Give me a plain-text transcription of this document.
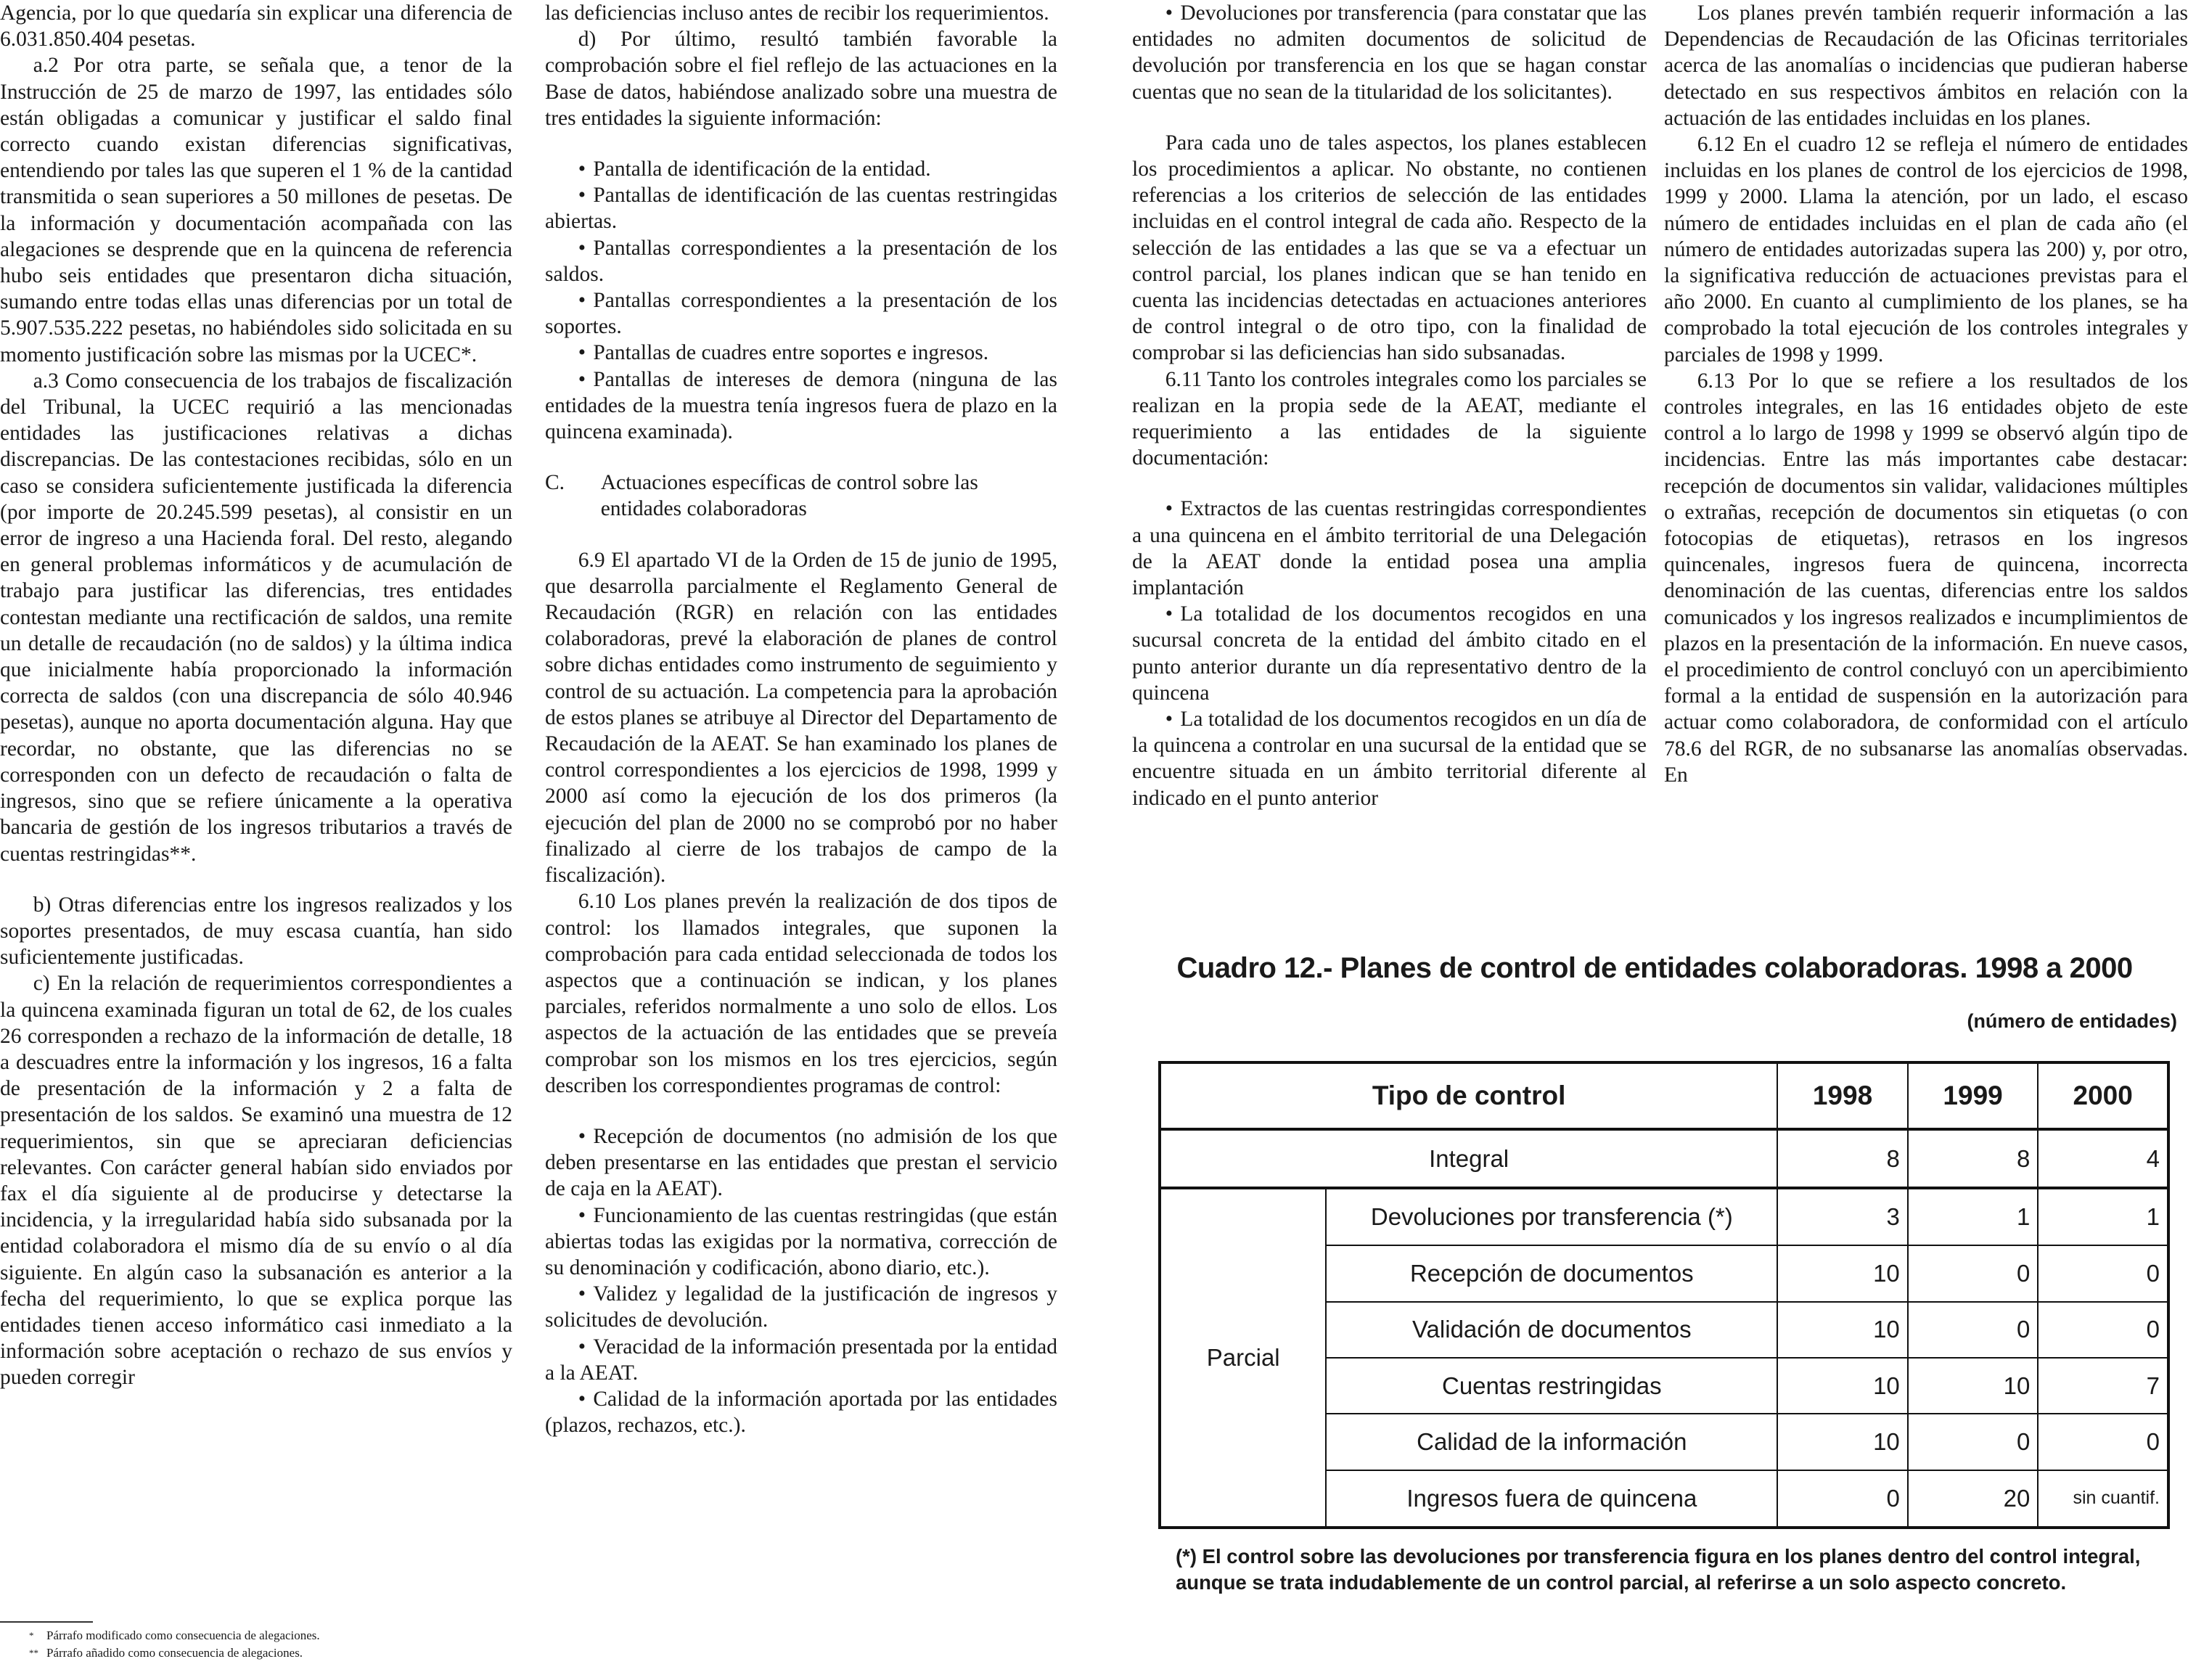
Agencia, por lo que quedaría sin explicar una diferencia de 6.031.850.404 pesetas.

a.2 Por otra parte, se señala que, a tenor de la Instrucción de 25 de marzo de 1997, las entidades sólo están obligadas a comunicar y justificar el saldo final correcto cuando existan diferencias significativas, entendiendo por tales las que superen el 1 % de la cantidad transmitida o sean superiores a 50 millones de pesetas. De la información y documentación acompañada con las alegaciones se desprende que en la quincena de referencia hubo seis entidades que presentaron dicha situación, sumando entre todas ellas unas diferencias por un total de 5.907.535.222 pesetas, no habiéndoles sido solicitada en su momento justificación sobre las mismas por la UCEC*.

a.3 Como consecuencia de los trabajos de fiscalización del Tribunal, la UCEC requirió a las mencionadas entidades las justificaciones relativas a dichas discrepancias. De las contestaciones recibidas, sólo en un caso se considera suficientemente justificada la diferencia (por importe de 20.245.599 pesetas), al consistir en un error de ingreso a una Hacienda foral. Del resto, alegando en general problemas informáticos y de acumulación de trabajo para justificar las diferencias, tres entidades contestan mediante una rectificación de saldos, una remite un detalle de recaudación (no de saldos) y la última indica que inicialmente había proporcionado la información correcta de saldos (con una discrepancia de sólo 40.946 pesetas), aunque no aporta documentación alguna. Hay que recordar, no obstante, que las diferencias no se corresponden con un defecto de recaudación o falta de ingresos, sino que se refiere únicamente a la operativa bancaria de gestión de los ingresos tributarios a través de cuentas restringidas**.

b) Otras diferencias entre los ingresos realizados y los soportes presentados, de muy escasa cuantía, han sido suficientemente justificadas.

c) En la relación de requerimientos correspondientes a la quincena examinada figuran un total de 62, de los cuales 26 corresponden a rechazo de la información de detalle, 18 a descuadres entre la información y los ingresos, 16 a falta de presentación de la información y 2 a falta de presentación de los saldos. Se examinó una muestra de 12 requerimientos, sin que se apreciaran deficiencias relevantes. Con carácter general habían sido enviados por fax el día siguiente al de producirse y detectarse la incidencia, y la irregularidad había sido subsanada por la entidad colaboradora el mismo día de su envío o al día siguiente. En algún caso la subsanación es anterior a la fecha del requerimiento, lo que se explica porque las entidades tienen acceso informático casi inmediato a la información sobre aceptación o rechazo de sus envíos y pueden corregir

* Párrafo modificado como consecuencia de alegaciones.
** Párrafo añadido como consecuencia de alegaciones.

las deficiencias incluso antes de recibir los requerimientos.

d) Por último, resultó también favorable la comprobación sobre el fiel reflejo de las actuaciones en la Base de datos, habiéndose analizado sobre una muestra de tres entidades la siguiente información:

• Pantalla de identificación de la entidad.

• Pantallas de identificación de las cuentas restringidas abiertas.

• Pantallas correspondientes a la presentación de los saldos.

• Pantallas correspondientes a la presentación de los soportes.

• Pantallas de cuadres entre soportes e ingresos.

• Pantallas de intereses de demora (ninguna de las entidades de la muestra tenía ingresos fuera de plazo en la quincena examinada).

C. Actuaciones específicas de control sobre las entidades colaboradoras

6.9 El apartado VI de la Orden de 15 de junio de 1995, que desarrolla parcialmente el Reglamento General de Recaudación (RGR) en relación con las entidades colaboradoras, prevé la elaboración de planes de control sobre dichas entidades como instrumento de seguimiento y control de su actuación. La competencia para la aprobación de estos planes se atribuye al Director del Departamento de Recaudación de la AEAT. Se han examinado los planes de control correspondientes a los ejercicios de 1998, 1999 y 2000 así como la ejecución de los dos primeros (la ejecución del plan de 2000 no se comprobó por no haber finalizado al cierre de los trabajos de campo de la fiscalización).

6.10 Los planes prevén la realización de dos tipos de control: los llamados integrales, que suponen la comprobación para cada entidad seleccionada de todos los aspectos que a continuación se indican, y los planes parciales, referidos normalmente a uno solo de ellos. Los aspectos de la actuación de las entidades que se preveía comprobar son los mismos en los tres ejercicios, según describen los correspondientes programas de control:

• Recepción de documentos (no admisión de los que deben presentarse en las entidades que prestan el servicio de caja en la AEAT).

• Funcionamiento de las cuentas restringidas (que están abiertas todas las exigidas por la normativa, corrección de su denominación y codificación, abono diario, etc.).

• Validez y legalidad de la justificación de ingresos y solicitudes de devolución.

• Veracidad de la información presentada por la entidad a la AEAT.

• Calidad de la información aportada por las entidades (plazos, rechazos, etc.).

• Devoluciones por transferencia (para constatar que las entidades no admiten documentos de solicitud de devolución por transferencia en los que se hagan constar cuentas que no sean de la titularidad de los solicitantes).

Para cada uno de tales aspectos, los planes establecen los procedimientos a aplicar. No obstante, no contienen referencias a los criterios de selección de las entidades incluidas en el control integral de cada año. Respecto de la selección de las entidades a las que se va a efectuar un control parcial, los planes indican que se han tenido en cuenta las incidencias detectadas en actuaciones anteriores de control integral o de otro tipo, con la finalidad de comprobar si las deficiencias han sido subsanadas.

6.11 Tanto los controles integrales como los parciales se realizan en la propia sede de la AEAT, mediante el requerimiento a las entidades de la siguiente documentación:

• Extractos de las cuentas restringidas correspondientes a una quincena en el ámbito territorial de una Delegación de la AEAT donde la entidad posea una amplia implantación

• La totalidad de los documentos recogidos en una sucursal concreta de la entidad del ámbito citado en el punto anterior durante un día representativo dentro de la quincena

• La totalidad de los documentos recogidos en un día de la quincena a controlar en una sucursal de la entidad que se encuentre situada en un ámbito territorial diferente al indicado en el punto anterior

Los planes prevén también requerir información a las Dependencias de Recaudación de las Oficinas territoriales acerca de las anomalías o incidencias que pudieran haberse detectado en sus respectivos ámbitos en relación con la actuación de las entidades incluidas en los planes.

6.12 En el cuadro 12 se refleja el número de entidades incluidas en los planes de control de los ejercicios de 1998, 1999 y 2000. Llama la atención, por un lado, el escaso número de entidades incluidas en el plan de cada año (el número de entidades autorizadas supera las 200) y, por otro, la significativa reducción de actuaciones previstas para el año 2000. En cuanto al cumplimiento de los planes, se ha comprobado la total ejecución de los controles integrales y parciales de 1998 y 1999.

6.13 Por lo que se refiere a los resultados de los controles integrales, en las 16 entidades objeto de este control a lo largo de 1998 y 1999 se observó algún tipo de incidencias. Entre las más importantes cabe destacar: recepción de documentos sin validar, validaciones múltiples o extrañas, recepción de documentos sin etiquetas (o con fotocopias de etiquetas), retrasos en los ingresos quincenales, ingresos fuera de quincena, incorrecta denominación de las cuentas, diferencias entre los saldos comunicados y los ingresos realizados e incumplimientos de plazos en la presentación de la información. En nueve casos, el procedimiento de control concluyó con un apercibimiento formal a la entidad de suspensión en la autorización para actuar como colaboradora, de conformidad con el artículo 78.6 del RGR, de no subsanarse las anomalías observadas. En

Cuadro 12.- Planes de control de entidades colaboradoras. 1998 a 2000
(número de entidades)
Tipo de control		1998	1999	2000
Integral		8	8	4
Parcial	Devoluciones por transferencia (*)	3	1	1
	Recepción de documentos	10	0	0
	Validación de documentos	10	0	0
	Cuentas restringidas	10	10	7
	Calidad de la información	10	0	0
	Ingresos fuera de quincena	0	20	sin cuantif.
(*) El control sobre las devoluciones por transferencia figura en los planes dentro del control integral, aunque se trata indudablemente de un control parcial, al referirse a un solo aspecto concreto.
